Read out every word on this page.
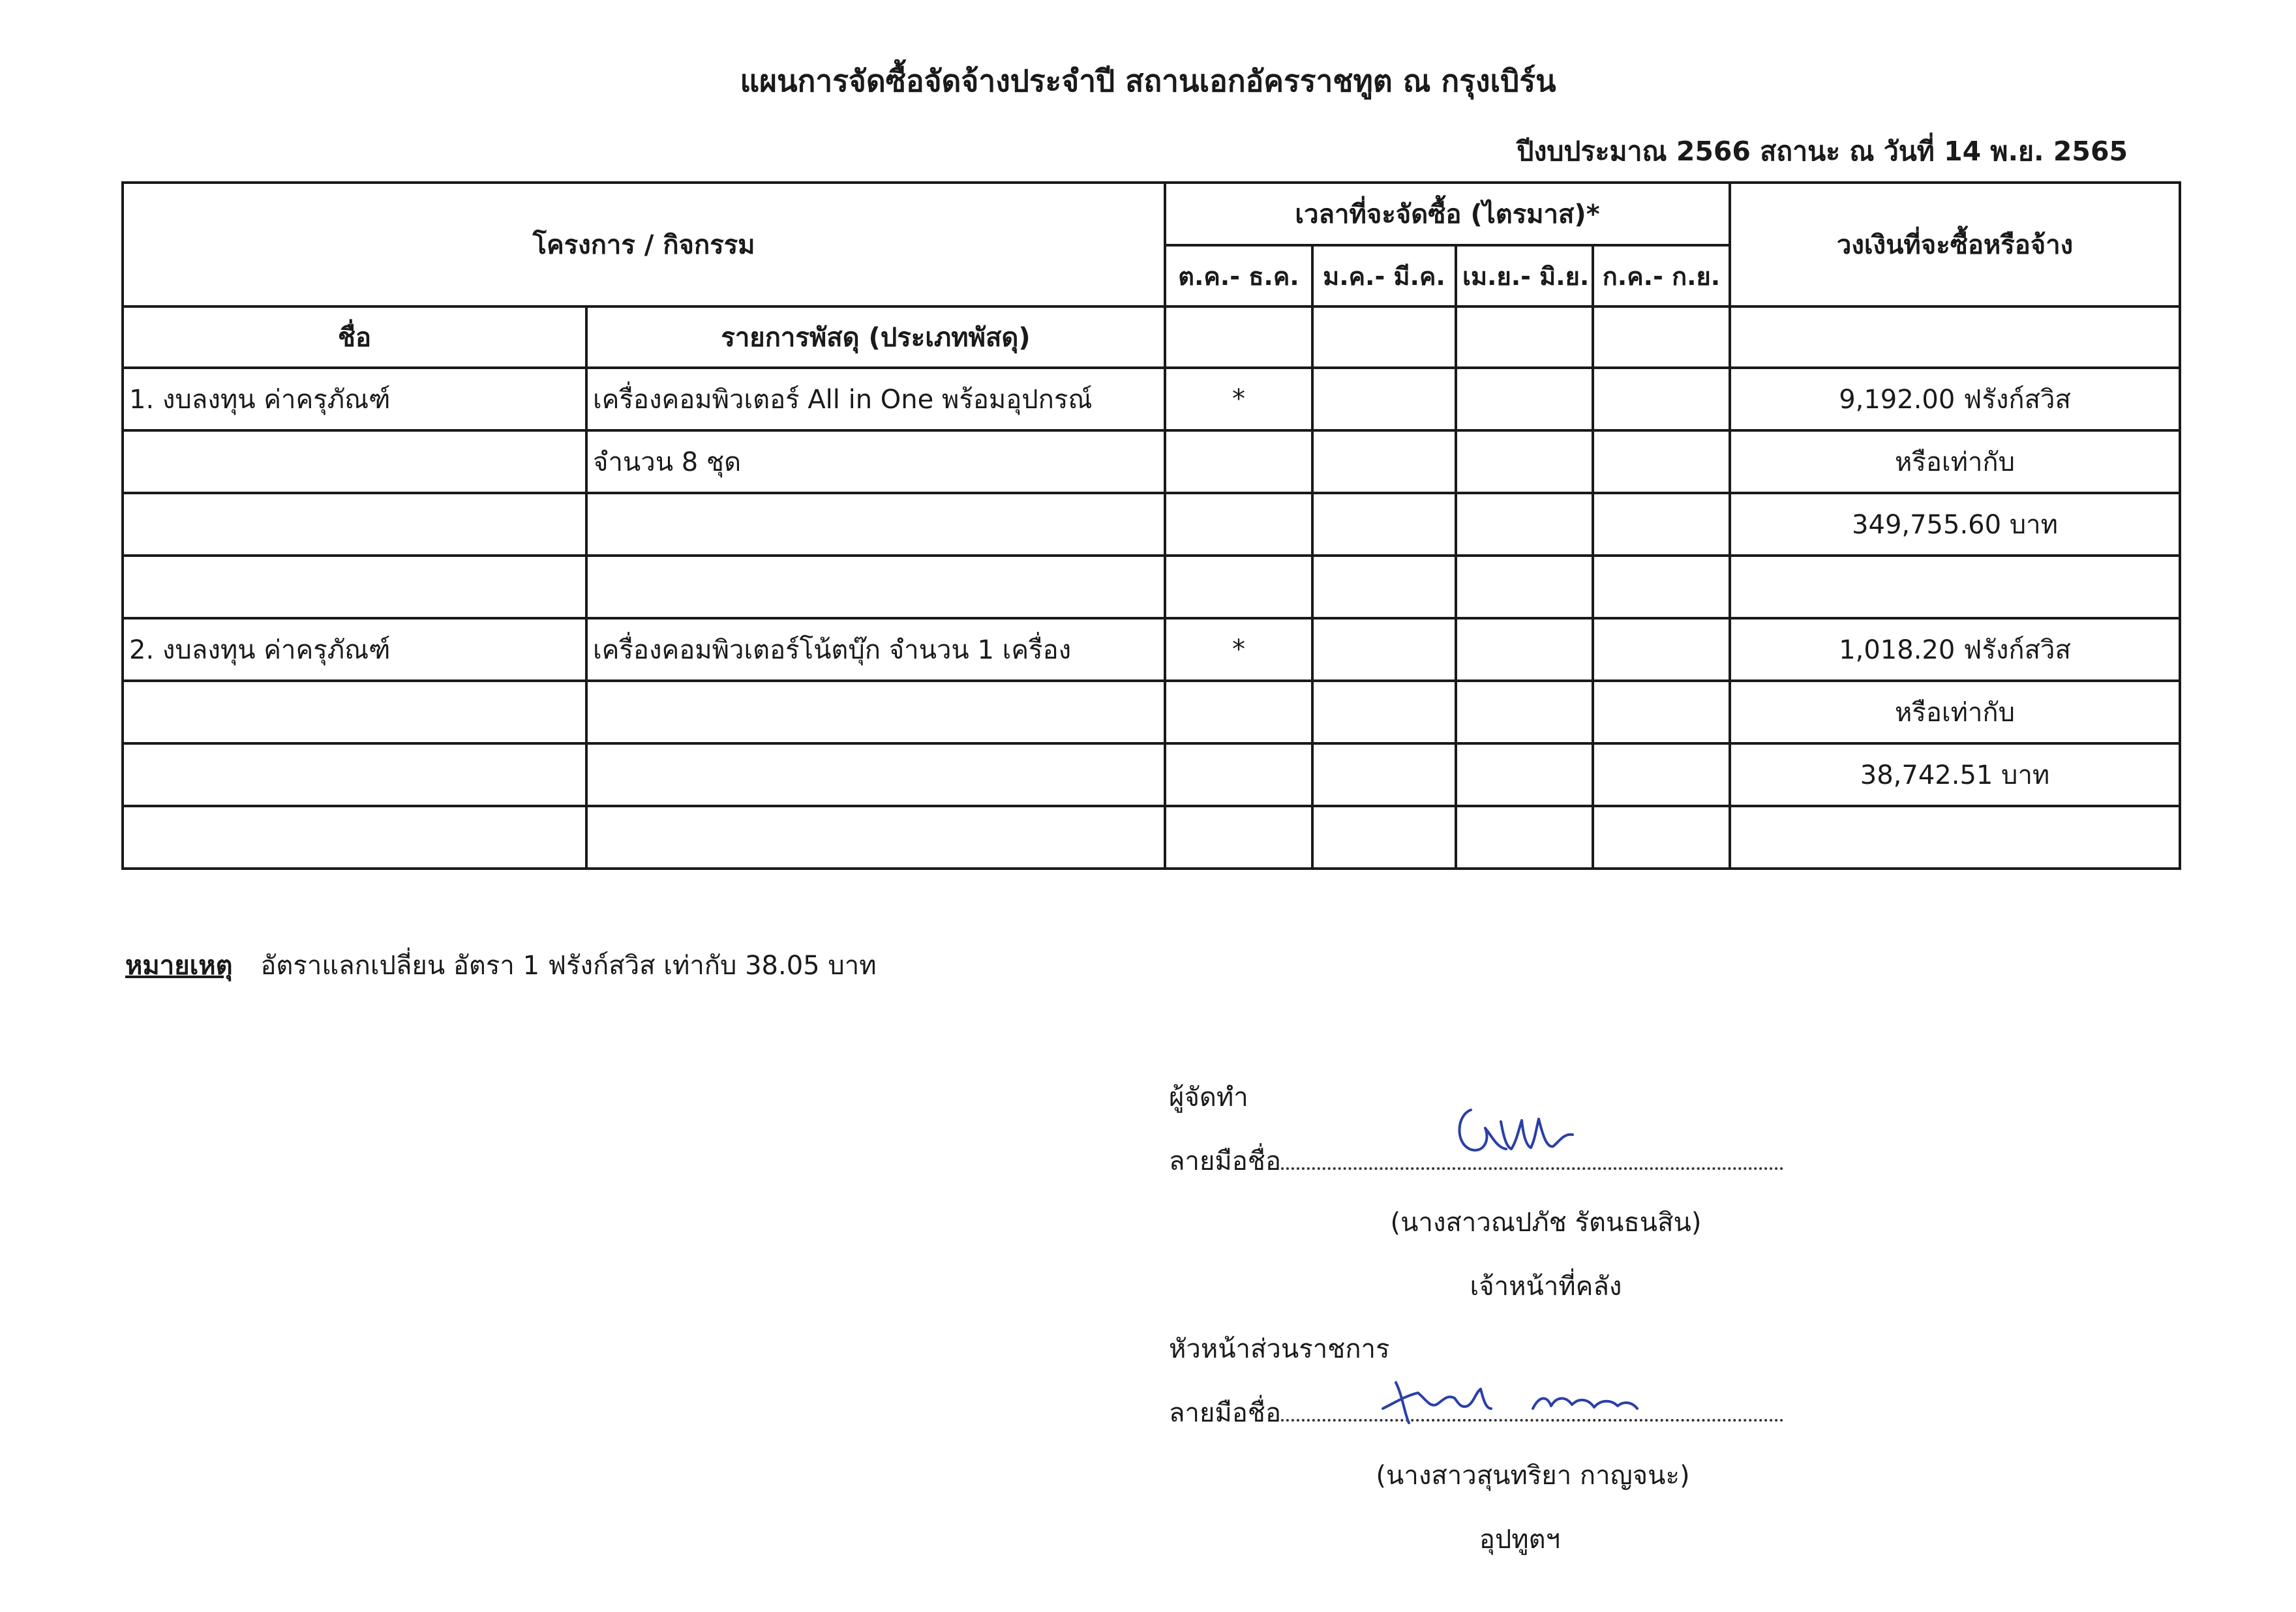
แผนการจัดซื้อจัดจ้างประจำปี สถานเอกอัครราชทูต ณ กรุงเบิร์น
ปีงบประมาณ 2566 สถานะ ณ วันที่ 14 พ.ย. 2565
โครงการ / กิจกรรม		เวลาที่จะจัดซื้อ (ไตรมาส)*				วงเงินที่จะซื้อหรือจ้าง
		ต.ค.- ธ.ค.	ม.ค.- มี.ค.	เม.ย.- มิ.ย.	ก.ค.- ก.ย.	
ชื่อ	รายการพัสดุ (ประเภทพัสดุ)					
1. งบลงทุน ค่าครุภัณฑ์	เครื่องคอมพิวเตอร์ All in One พร้อมอุปกรณ์	*				9,192.00 ฟรังก์สวิส
	จำนวน 8 ชุด					หรือเท่ากับ
						349,755.60 บาท

2. งบลงทุน ค่าครุภัณฑ์	เครื่องคอมพิวเตอร์โน้ตบุ๊ก จำนวน 1 เครื่อง	*				1,018.20 ฟรังก์สวิส
						หรือเท่ากับ
						38,742.51 บาท

หมายเหตุ อัตราแลกเปลี่ยน อัตรา 1 ฟรังก์สวิส เท่ากับ 38.05 บาท
ผู้จัดทำ
ลายมือชื่อ
(นางสาวณปภัช รัตนธนสิน)
เจ้าหน้าที่คลัง
หัวหน้าส่วนราชการ
ลายมือชื่อ
(นางสาวสุนทริยา กาญจนะ)
อุปทูตฯ
